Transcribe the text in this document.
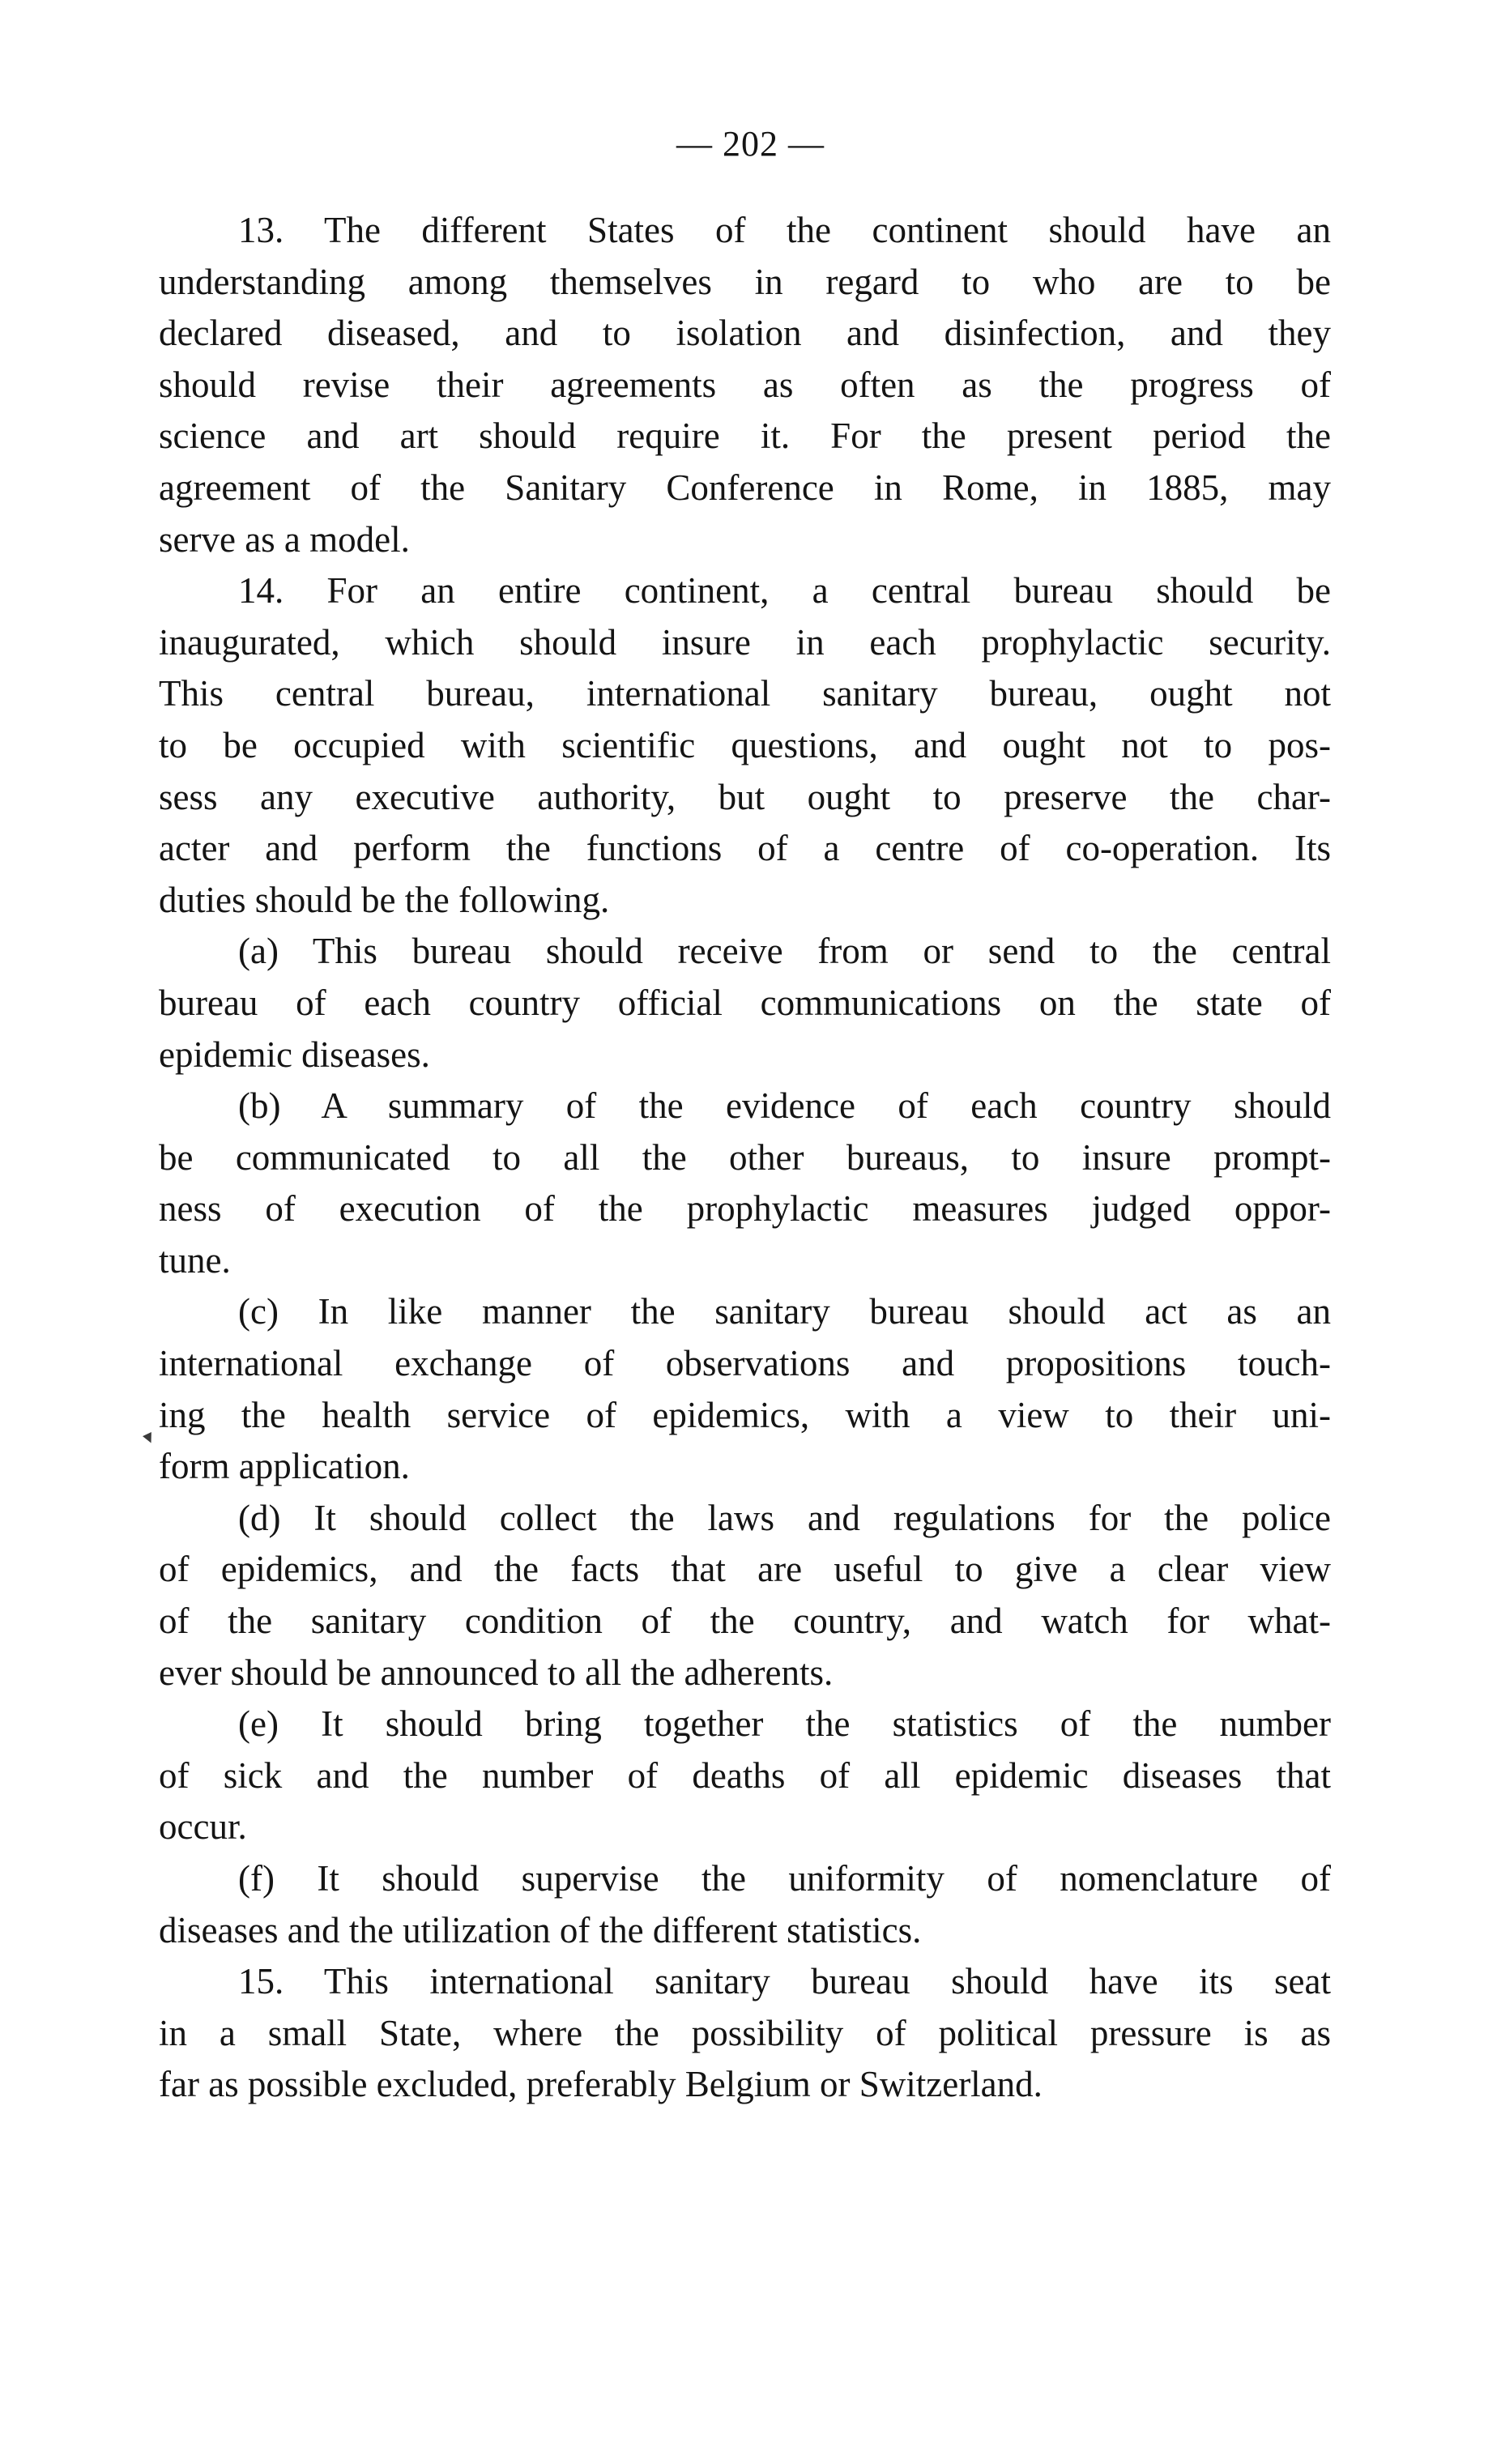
— 202 —
13. The different States of the continent should have an
understanding among themselves in regard to who are to be
declared diseased, and to isolation and disinfection, and they
should revise their agreements as often as the progress of
science and art should require it. For the present period the
agreement of the Sanitary Conference in Rome, in 1885, may
serve as a model.
14. For an entire continent, a central bureau should be
inaugurated, which should insure in each prophylactic security.
This central bureau, international sanitary bureau, ought not
to be occupied with scientific questions, and ought not to pos-
sess any executive authority, but ought to preserve the char-
acter and perform the functions of a centre of co-operation. Its
duties should be the following.
(a) This bureau should receive from or send to the central
bureau of each country official communications on the state of
epidemic diseases.
(b) A summary of the evidence of each country should
be communicated to all the other bureaus, to insure prompt-
ness of execution of the prophylactic measures judged oppor-
tune.
(c) In like manner the sanitary bureau should act as an
international exchange of observations and propositions touch-
ing the health service of epidemics, with a view to their uni-
form application.
(d) It should collect the laws and regulations for the police
of epidemics, and the facts that are useful to give a clear view
of the sanitary condition of the country, and watch for what-
ever should be announced to all the adherents.
(e) It should bring together the statistics of the number
of sick and the number of deaths of all epidemic diseases that
occur.
(f) It should supervise the uniformity of nomenclature of
diseases and the utilization of the different statistics.
15. This international sanitary bureau should have its seat
in a small State, where the possibility of political pressure is as
far as possible excluded, preferably Belgium or Switzerland.
